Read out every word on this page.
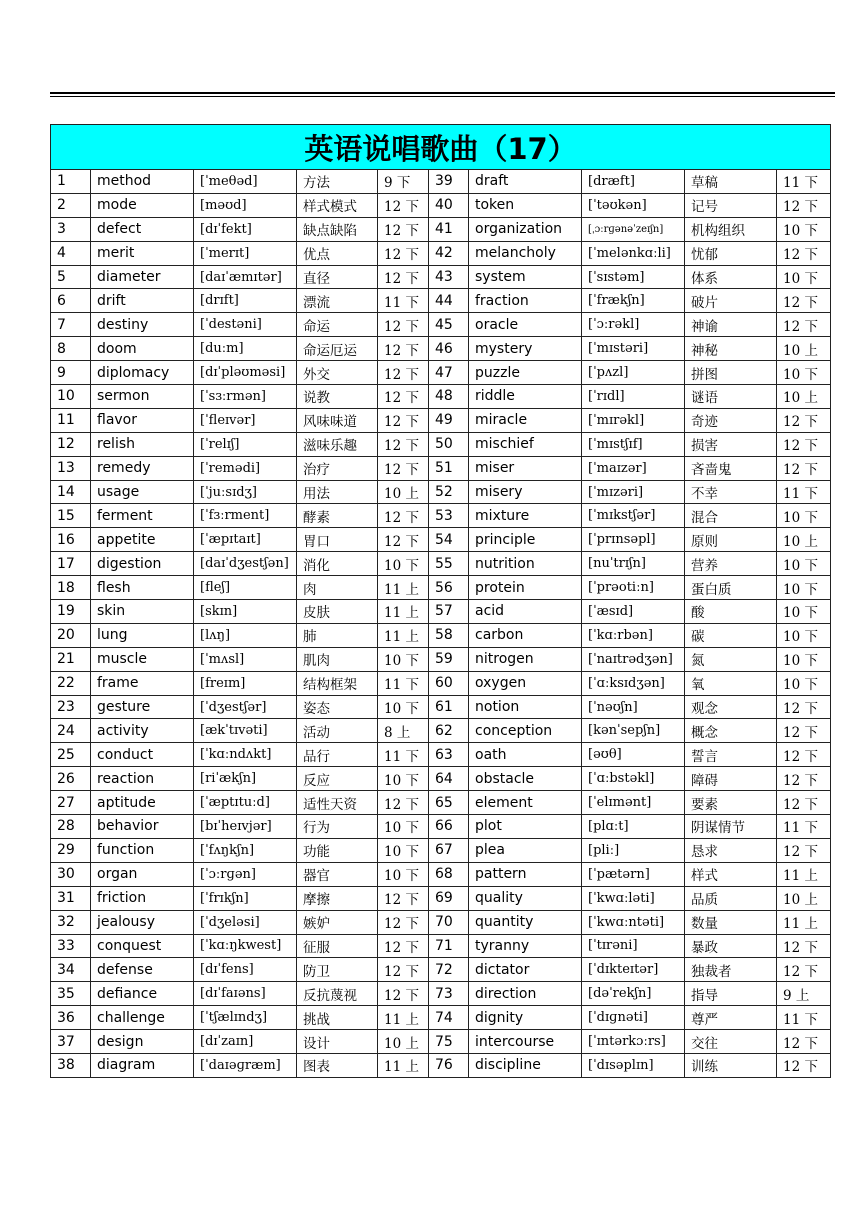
英语说唱歌曲（17）									
1	method	[ˈmeθəd]	方法	9 下	39	draft	[dræft]	草稿	11 下
2	mode	[məʊd]	样式模式	12 下	40	token	[ˈtəʊkən]	记号	12 下
3	defect	[dɪˈfekt]	缺点缺陷	12 下	41	organization	[ˌɔːrɡənəˈzeɪʃn]	机构组织	10 下
4	merit	[ˈmerɪt]	优点	12 下	42	melancholy	[ˈmelənkɑːli]	忧郁	12 下
5	diameter	[daɪˈæmɪtər]	直径	12 下	43	system	[ˈsɪstəm]	体系	10 下
6	drift	[drɪft]	漂流	11 下	44	fraction	[ˈfrækʃn]	破片	12 下
7	destiny	[ˈdestəni]	命运	12 下	45	oracle	[ˈɔːrəkl]	神谕	12 下
8	doom	[duːm]	命运厄运	12 下	46	mystery	[ˈmɪstəri]	神秘	10 上
9	diplomacy	[dɪˈpləʊməsi]	外交	12 下	47	puzzle	[ˈpʌzl]	拼图	10 下
10	sermon	[ˈsɜːrmən]	说教	12 下	48	riddle	[ˈrɪdl]	谜语	10 上
11	flavor	[ˈfleɪvər]	风味味道	12 下	49	miracle	[ˈmɪrəkl]	奇迹	12 下
12	relish	[ˈrelɪʃ]	滋味乐趣	12 下	50	mischief	[ˈmɪstʃɪf]	损害	12 下
13	remedy	[ˈremədi]	治疗	12 下	51	miser	[ˈmaɪzər]	吝啬鬼	12 下
14	usage	[ˈjuːsɪdʒ]	用法	10 上	52	misery	[ˈmɪzəri]	不幸	11 下
15	ferment	[ˈfɜːrment]	酵素	12 下	53	mixture	[ˈmɪkstʃər]	混合	10 下
16	appetite	[ˈæpɪtaɪt]	胃口	12 下	54	principle	[ˈprɪnsəpl]	原则	10 上
17	digestion	[daɪˈdʒestʃən]	消化	10 下	55	nutrition	[nuˈtrɪʃn]	营养	10 下
18	flesh	[fleʃ]	肉	11 上	56	protein	[ˈprəotiːn]	蛋白质	10 下
19	skin	[skɪn]	皮肤	11 上	57	acid	[ˈæsɪd]	酸	10 下
20	lung	[lʌŋ]	肺	11 上	58	carbon	[ˈkɑːrbən]	碳	10 下
21	muscle	[ˈmʌsl]	肌肉	10 下	59	nitrogen	[ˈnaɪtrədʒən]	氮	10 下
22	frame	[freɪm]	结构框架	11 下	60	oxygen	[ˈɑːksɪdʒən]	氧	10 下
23	gesture	[ˈdʒestʃər]	姿态	10 下	61	notion	[ˈnəʊʃn]	观念	12 下
24	activity	[ækˈtɪvəti]	活动	8 上	62	conception	[kənˈsepʃn]	概念	12 下
25	conduct	[ˈkɑːndʌkt]	品行	11 下	63	oath	[əʊθ]	誓言	12 下
26	reaction	[riˈækʃn]	反应	10 下	64	obstacle	[ˈɑːbstəkl]	障碍	12 下
27	aptitude	[ˈæptɪtuːd]	适性天资	12 下	65	element	[ˈelɪmənt]	要素	12 下
28	behavior	[bɪˈheɪvjər]	行为	10 下	66	plot	[plɑːt]	阴谋情节	11 下
29	function	[ˈfʌŋkʃn]	功能	10 下	67	plea	[pliː]	恳求	12 下
30	organ	[ˈɔːrɡən]	器官	10 下	68	pattern	[ˈpætərn]	样式	11 上
31	friction	[ˈfrɪkʃn]	摩擦	12 下	69	quality	[ˈkwɑːləti]	品质	10 上
32	jealousy	[ˈdʒeləsi]	嫉妒	12 下	70	quantity	[ˈkwɑːntəti]	数量	11 上
33	conquest	[ˈkɑːŋkwest]	征服	12 下	71	tyranny	[ˈtɪrəni]	暴政	12 下
34	defense	[dɪˈfens]	防卫	12 下	72	dictator	[ˈdɪkteɪtər]	独裁者	12 下
35	defiance	[dɪˈfaɪəns]	反抗蔑视	12 下	73	direction	[dəˈrekʃn]	指导	9 上
36	challenge	[ˈtʃælɪndʒ]	挑战	11 上	74	dignity	[ˈdɪɡnəti]	尊严	11 下
37	design	[dɪˈzaɪn]	设计	10 上	75	intercourse	[ˈɪntərkɔːrs]	交往	12 下
38	diagram	[ˈdaɪəɡræm]	图表	11 上	76	discipline	[ˈdɪsəplɪn]	训练	12 下
